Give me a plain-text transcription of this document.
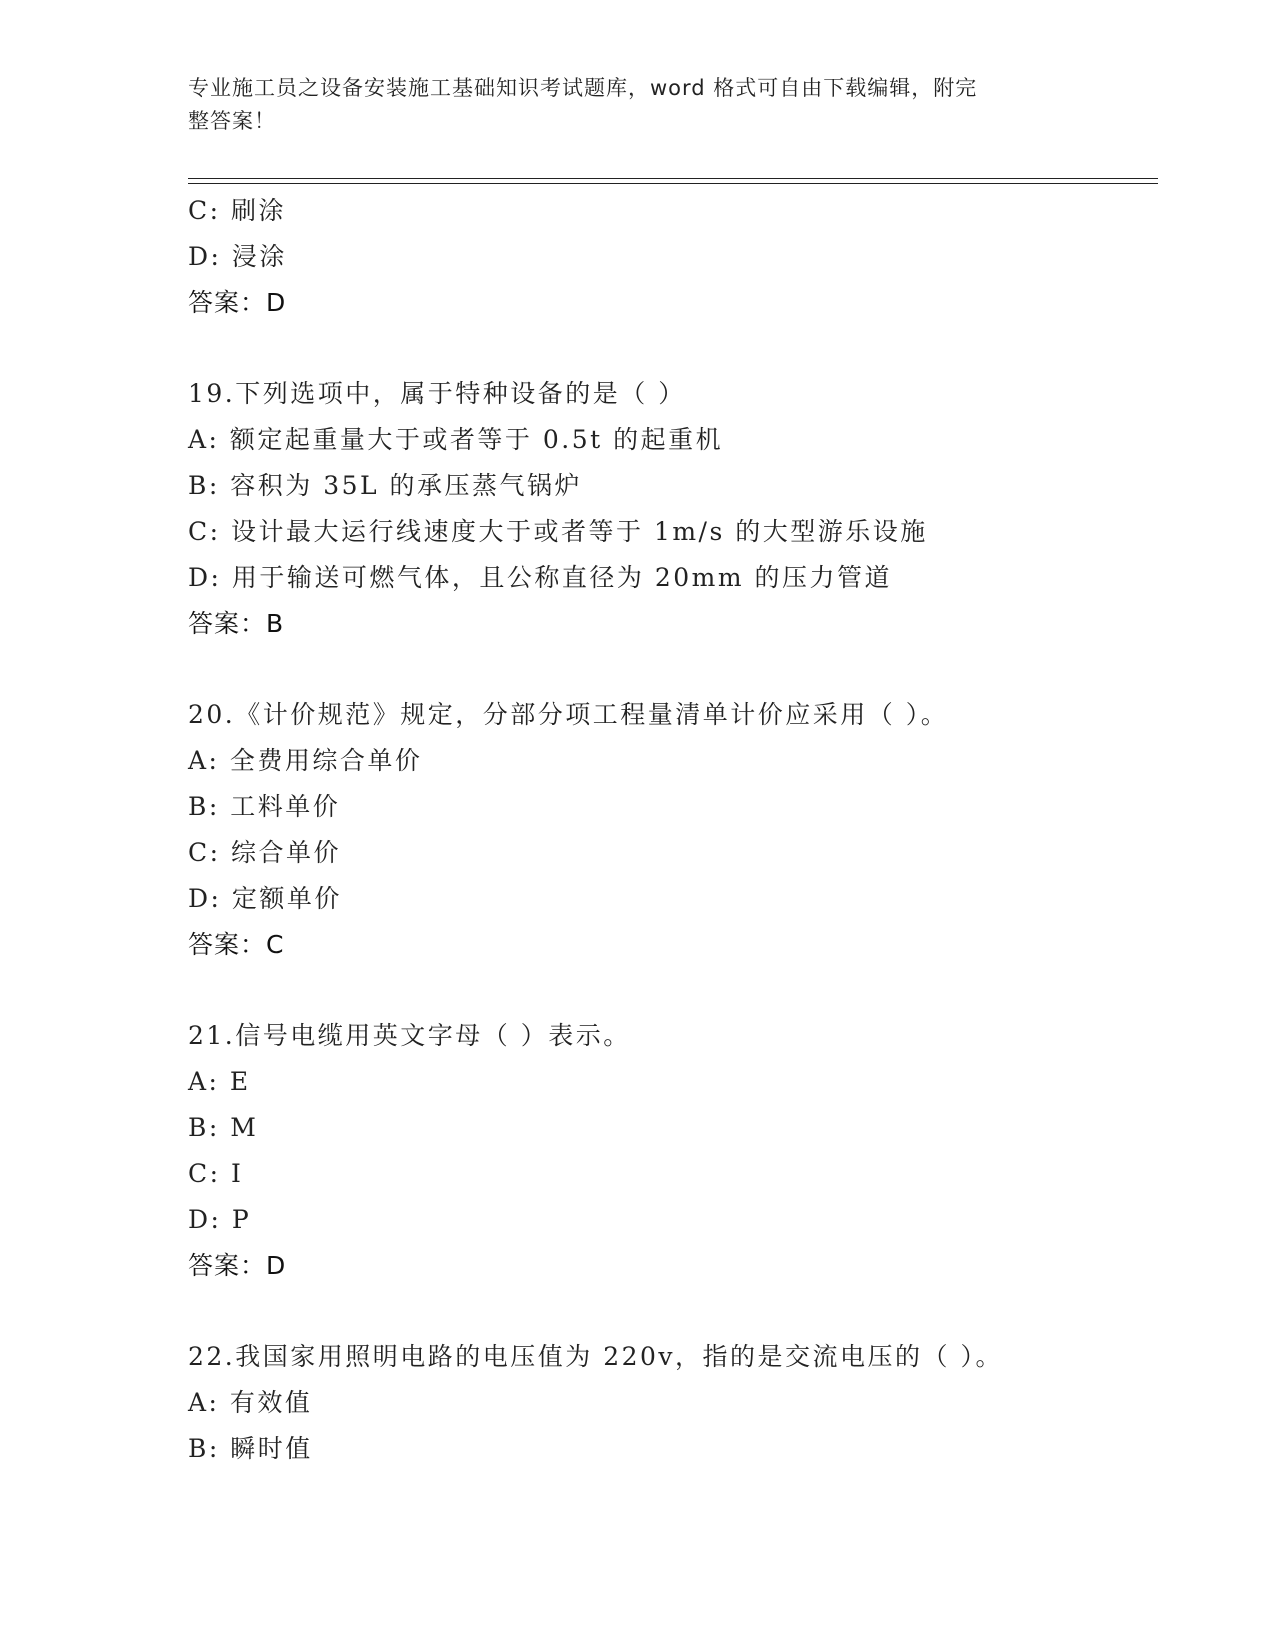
专业施工员之设备安装施工基础知识考试题库，word 格式可自由下载编辑，附完
整答案！
C: 刷涂
D: 浸涂
答案：D
19.下列选项中，属于特种设备的是（ ）
A: 额定起重量大于或者等于 0.5t 的起重机
B: 容积为 35L 的承压蒸气锅炉
C: 设计最大运行线速度大于或者等于 1m/s 的大型游乐设施
D: 用于输送可燃气体，且公称直径为 20mm 的压力管道
答案：B
20.《计价规范》规定，分部分项工程量清单计价应采用（ ）。
A: 全费用综合单价
B: 工料单价
C: 综合单价
D: 定额单价
答案：C
21.信号电缆用英文字母（ ）表示。
A: E
B: M
C: I
D: P
答案：D
22.我国家用照明电路的电压值为 220v，指的是交流电压的（ ）。
A: 有效值
B: 瞬时值
